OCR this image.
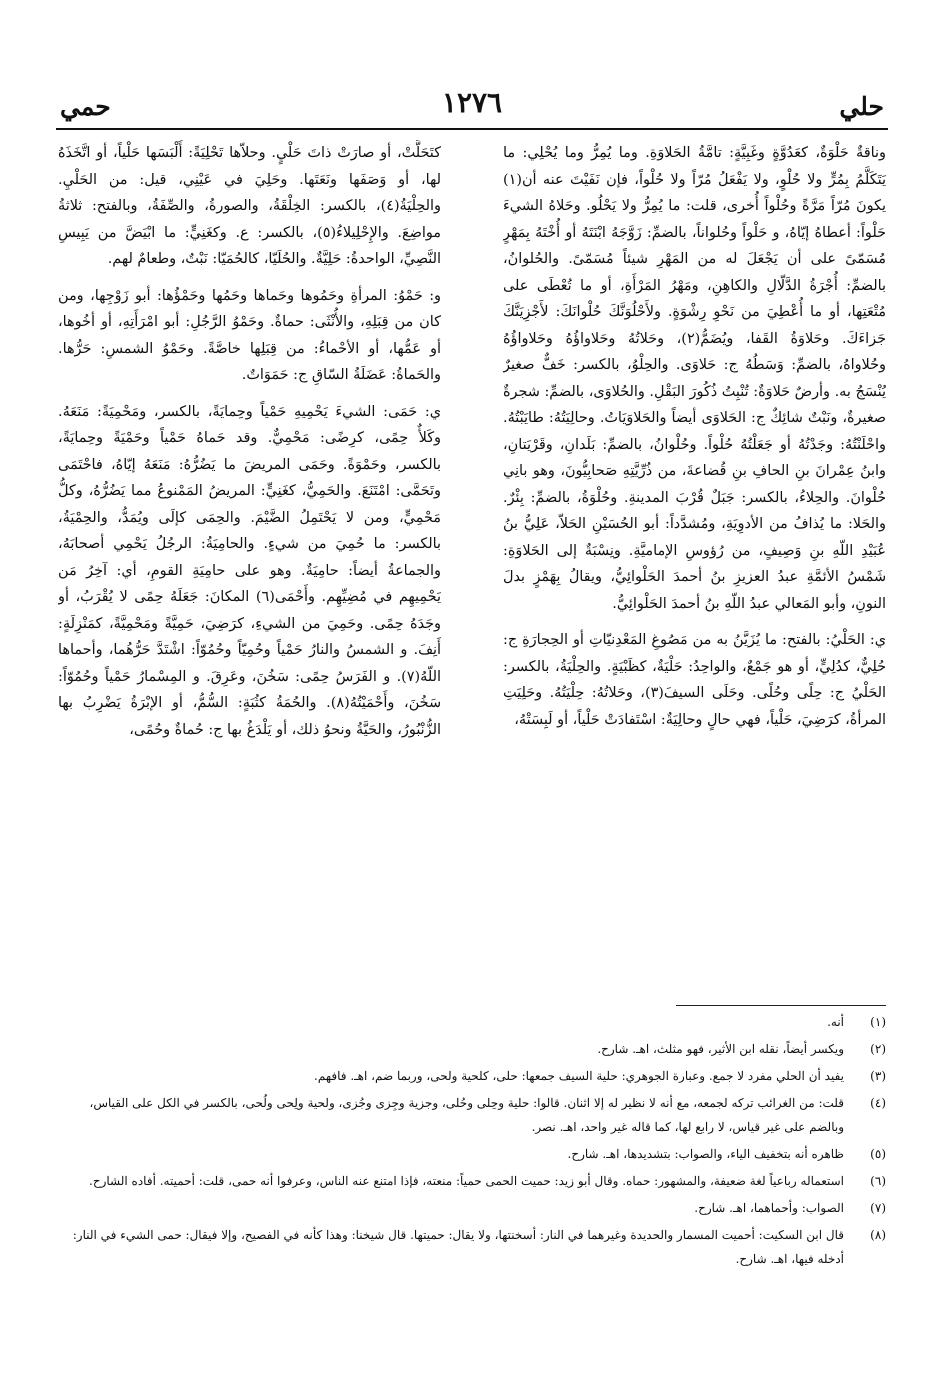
حلي
١٢٧٦
حمي

وناقةٌ حَلْوَةٌ، كعَدُوَّةٍ وغَبِيَّةٍ: تامَّةُ الحَلاوَةِ. وما يُمِرُّ وما يُحْلِي: ما يَتَكَلَّمُ بِمُرٍّ ولا حُلْوٍ، ولا يَفْعَلُ مُرّاً ولا حُلْواً، فإن نَفَيْتَ عنه أن(١) يكونَ مُرّاً مَرَّةً وحُلْواً أُخرى، قلت: ما يُمِرُّ ولا يَحْلُو. وحَلاهُ الشيءَ حَلْواً: أعطاهُ إيّاهُ، و حَلْواً وحُلواناً، بالضمِّ: زَوَّجَهُ ابْنَتَهُ أو أُخْتَهُ بِمَهْرٍ مُسَمّىً على أن يَجْعَلَ له من المَهْرِ شيئاً مُسَمّىً. والحُلوانُ، بالضمِّ: أُجْرَةُ الدَّلّالِ والكاهِنِ، ومَهْرُ المَرْأَةِ، أو ما تُعْطَى على مُتْعَتِها، أو ما أُعْطِيَ من نَحْوِ رِشْوَةٍ. ولأَحْلُوَنَّكَ حُلْوانَكَ: لأَجْزِيَنَّكَ جَزاءَكَ. وحَلاوَةُ القَفا، ويُضَمُّ(٢)، وحَلاتُهُ وحَلاواؤُهُ وحَلاواؤُهُ وحُلاواهُ، بالضمِّ: وَسَطُهُ ج: حَلاوَى. والحِلْوُ، بالكسر: خَفٌّ صغيرٌ يُنْسَجُ به. وأرضٌ حَلاوَةٌ: تُنْبِتُ ذُكُورَ البَقْلِ. والحُلاوَى، بالضمِّ: شجرةٌ صغيرةٌ، ونَبْتٌ شائِكٌ ج: الحَلاوَى أيضاً والحَلاوَيَاتُ. وحالِيَتُهُ: طايَبْتُهُ. واحْلَنْتُهُ: وجَدْتُهُ أو جَعَلْتُهُ حُلْواً. وحُلْوانُ، بالضمِّ: بَلَدانِ، وقَرْيَتانِ، وابنُ عِمْرانَ بنِ الحافِ بنِ قُضاعةَ، من ذُرِّيَّتِهِ صَحابِيُّونَ، وهو بانِي حُلْوانَ. والحِلاءُ، بالكسر: جَبَلٌ قُرْبَ المدينةِ. وحُلْوَةُ، بالضمِّ: بِئْرٌ. والحَلا: ما يُذافُ من الأدوِيَةِ، ومُشدَّداً: أبو الحُسَيْنِ الحَلاّ، عَلِيُّ بنُ عُبَيْدِ اللّهِ بنِ وَصِيفٍ، من رُؤوسِ الإماميَّةِ. ونِسْبَةٌ إلى الحَلاوَةِ: شَمْسُ الأئمَّةِ عبدُ العزيزِ بنُ أحمدَ الحَلْوائِيُّ، ويقالُ بِهَمْزٍ بدلَ النونِ، وأبو المَعالي عبدُ اللّهِ بنُ أحمدَ الحَلْوائِيُّ.

ي: الحَلْيُ: بالفتح: ما يُزَيَّنُ به من مَصُوغِ المَعْدِنيّاتِ أو الحِجارَةِ ج: حُلِيٌّ، كدُلِيٍّ، أو هو جَمْعٌ، والواحِدُ: حَلْيَةٌ، كظَبْيَةٍ. والحِلْيَةُ، بالكسر: الحَلْيُ ج: حِلًى وحُلًى. وحَلَى السيفَ(٣)، وحَلاتُهُ: حِلْيَتُهُ. وحَلِيَتِ المرأةُ، كرَضِيَ، حَلْياً، فهي حالٍ وحالِيَةٌ: اسْتَفادَتْ حَلْياً، أو لَبِسَتْهُ،

كتَحَلَّتْ، أو صارَتْ ذاتَ حَلْيٍ. وحلاّها تَحْلِيَةً: أَلْبَسَها حَلْياً، أو اتَّخَذَهُ لها، أو وَصَفَها ونَعَتَها. وحَلِيَ في عَيْنِي، قيل: من الحَلْيِ. والحِلْيَةُ(٤)، بالكسر: الخِلْقَةُ، والصورةُ، والصِّفَةُ، وبالفتح: ثلاثةُ مواضِعَ. والإِحْلِيلاءُ(٥)، بالكسر: ع. وكغَنِيٍّ: ما ابْيَضَّ من يَبِيسِ النَّصِيِّ، الواحدةُ: حَلِيَّةٌ. والحُلَيّا، كالحُمَيّا: نَبْتٌ، وطعامٌ لهم.

و: حَمْوُ: المرأةِ وحَمُوها وحَماها وحَمُها وحَمْؤُها: أبو زَوْجِها، ومن كان من قِبَلِهِ، والأُنْثَى: حماةٌ. وحَمْوُ الرَّجُلِ: أبو امْرَأَتِهِ، أو أخُوها، أو عَمُّها، أو الأحْماءُ: من قِبَلِها خاصَّةً. وحَمْوُ الشمسِ: حَرُّها. والحَماةُ: عَضَلَةُ السّاقِ ج: حَمَوَاتٌ.

ي: حَمَى: الشيءَ يَحْمِيهِ حَمْياً وحِمايَةً، بالكسر، ومَحْمِيَةً: مَنَعَهُ. وكَلأٌ حِمًى، كرِضًى: مَحْمِيٌّ. وقد حَماهُ حَمْياً وحَمْيَةً وحِمايَةً، بالكسر، وحَمْوَةً. وحَمَى المريضَ ما يَضُرُّهُ: مَنَعَهُ إيّاهُ، فاحْتَمَى وتَحَمَّى: امْتَنَعَ. والحَمِيُّ، كغَنِيٍّ: المريضُ المَمْنوعُ مما يَضُرُّهُ، وكلُّ مَحْمِيٍّ، ومن لا يَحْتَمِلُ الضَّيْمَ. والحِمَى كإلَى ويُمَدُّ، والحِمْيَةُ، بالكسر: ما حُمِيَ من شيءٍ. والحامِيَةُ: الرجُلُ يَحْمِي أصحابَهُ، والجماعةُ أيضاً: حامِيَةٌ. وهو على حامِيَةِ القومِ، أي: آخِرُ مَن يَحْمِيهِم في مُضِيِّهِم. وأَحْمَى(٦) المكانَ: جَعَلَهُ حِمًى لا يُقْرَبُ، أو وجَدَهُ حِمًى. وحَمِيَ من الشيءِ، كرَضِيَ، حَمِيَّةً ومَحْمِيَّةً، كمَنْزِلَةٍ: أَنِفَ. و الشمسُ والنارُ حَمْياً وحُمِيّاً وحُمُوّاً: اشْتَدَّ حَرُّهُما، وأحماها اللّهُ(٧). و الفَرَسُ حِمًى: سَخُنَ، وعَرِقَ. و المِسْمارُ حَمْياً وحُمُوّاً: سَخُنَ، وأَحْمَيْتُهُ(٨). والحُمَةُ كثُبَةٍ: السُّمُّ، أو الإبْرَةُ يَضْرِبُ بها الزُّنْبُورُ، والحَيَّةُ ونحوُ ذلك، أو يَلْدَغُ بها ج: حُماةٌ وحُمًى،

(١)
أنه.
(٢)
ويكسر أيضاً، نقله ابن الأثير، فهو مثلث، اهـ. شارح.
(٣)
يفيد أن الحلي مفرد لا جمع. وعبارة الجوهري: حلية السيف جمعها: حلى، كلحية ولحى، وربما ضم، اهـ. فافهم.
(٤)
قلت: من الغرائب تركه لجمعه، مع أنه لا نظير له إلا اثنان. قالوا: حلية وحِلى وحُلى، وجزية وجِزى وجُزى، ولحية ولِحى ولُحى، بالكسر في الكل على القياس، وبالضم على غير قياس، لا رابع لها، كما قاله غير واحد، اهـ. نصر.
(٥)
ظاهره أنه بتخفيف الياء، والصواب: بتشديدها، اهـ. شارح.
(٦)
استعماله رباعياً لغة ضعيفة، والمشهور: حماه. وقال أبو زيد: حميت الحمى حمياً: منعته، فإذا امتنع عنه الناس، وعرفوا أنه حمى، قلت: أحميته. أفاده الشارح.
(٧)
الصواب: وأحماهما، اهـ. شارح.
(٨)
قال ابن السكيت: أحميت المسمار والحديدة وغيرهما في النار: أسخنتها، ولا يقال: حميتها. قال شيخنا: وهذا كأنه في الفصيح، وإلا فيقال: حمى الشيء في النار: أدخله فيها، اهـ. شارح.
